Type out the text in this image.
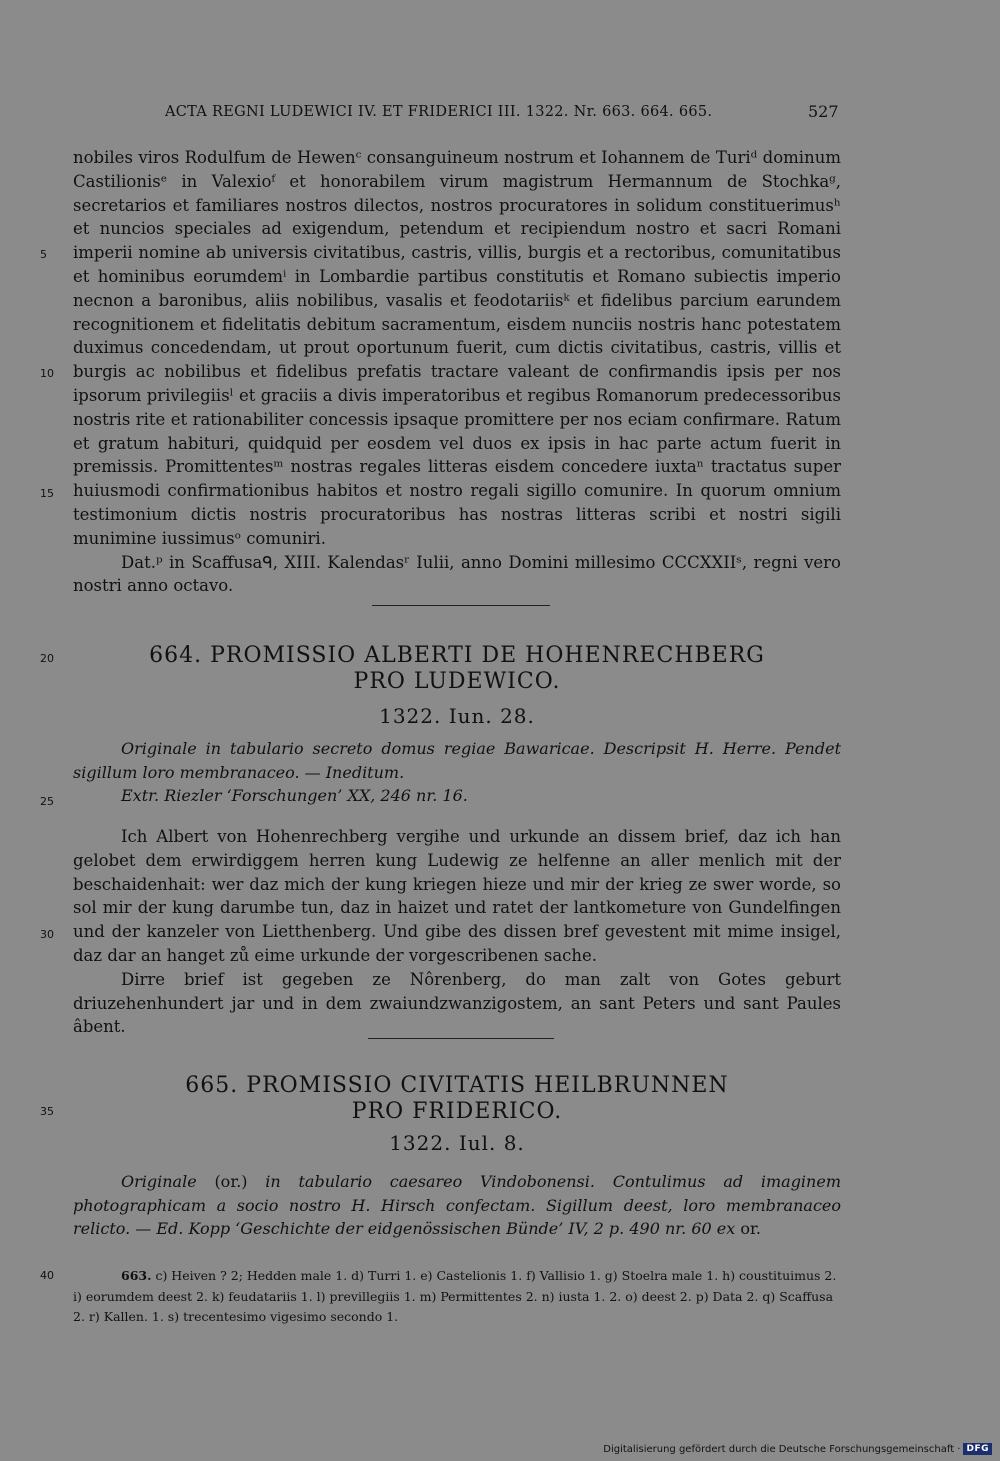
ACTA REGNI LUDEWICI IV. ET FRIDERICI III. 1322. Nr. 663. 664. 665.	527
5
10
15
20
25
30
35
40

nobiles viros Rodulfum de Hewenᶜ consanguineum nostrum et Iohannem de Turiᵈ dominum Castilionisᵉ in Valexioᶠ et honorabilem virum magistrum Hermannum de Stochkaᵍ, secretarios et familiares nostros dilectos, nostros procuratores in solidum constituerimusʰ et nuncios speciales ad exigendum, petendum et recipiendum nostro et sacri Romani imperii nomine ab universis civitatibus, castris, villis, burgis et a rectoribus, comunitatibus et hominibus eorumdemⁱ in Lombardie partibus constitutis et Romano subiectis imperio necnon a baronibus, aliis nobilibus, vasalis et feodotariisᵏ et fidelibus parcium earundem recognitionem et fidelitatis debitum sacramentum, eisdem nunciis nostris hanc potestatem duximus concedendam, ut prout oportunum fuerit, cum dictis civitatibus, castris, villis et burgis ac nobilibus et fidelibus prefatis tractare valeant de confirmandis ipsis per nos ipsorum privilegiisˡ et graciis a divis imperatoribus et regibus Romanorum predecessoribus nostris rite et rationabiliter concessis ipsaque promittere per nos eciam confirmare. Ratum et gratum habituri, quidquid per eosdem vel duos ex ipsis in hac parte actum fuerit in premissis. Promittentesᵐ nostras regales litteras eisdem concedere iuxtaⁿ tractatus super huiusmodi confirmationibus habitos et nostro regali sigillo comunire. In quorum omnium testimonium dictis nostris procuratoribus has nostras litteras scribi et nostri sigili munimine iussimusᵒ comuniri.

Dat.ᵖ in Scaffusaᑫ, XIII. Kalendasʳ Iulii, anno Domini millesimo CCCXXIIˢ, regni vero nostri anno octavo.

664. PROMISSIO ALBERTI DE HOHENRECHBERG
PRO LUDEWICO.
1322. Iun. 28.
Originale in tabulario secreto domus regiae Bawaricae. Descripsit H. Herre. Pendet sigillum loro membranaceo. — Ineditum.
Extr. Riezler ‘Forschungen’ XX, 246 nr. 16.

Ich Albert von Hohenrechberg vergihe und urkunde an dissem brief, daz ich han gelobet dem erwirdiggem herren kung Ludewig ze helfenne an aller menlich mit der beschaidenhait: wer daz mich der kung kriegen hieze und mir der krieg ze swer worde, so sol mir der kung darumbe tun, daz in haizet und ratet der lantkometure von Gundelfingen und der kanzeler von Lietthenberg. Und gibe des dissen bref gevestent mit mime insigel, daz dar an hanget zů eime urkunde der vorgescribenen sache.

Dirre brief ist gegeben ze Nôrenberg, do man zalt von Gotes geburt driuzehenhundert jar und in dem zwaiundzwanzigostem, an sant Peters und sant Paules âbent.

665. PROMISSIO CIVITATIS HEILBRUNNEN
PRO FRIDERICO.
1322. Iul. 8.
Originale (or.) in tabulario caesareo Vindobonensi. Contulimus ad imaginem photographicam a socio nostro H. Hirsch confectam. Sigillum deest, loro membranaceo relicto. — Ed. Kopp ‘Geschichte der eidgenössischen Bünde’ IV, 2 p. 490 nr. 60 ex or.
663. c) Heiven ? 2; Hedden male 1. d) Turri 1. e) Castelionis 1. f) Vallisio 1. g) Stoelra male 1. h) coustituimus 2. i) eorumdem deest 2. k) feudatariis 1. l) previllegiis 1. m) Permittentes 2. n) iusta 1. 2. o) deest 2. p) Data 2. q) Scaffusa 2. r) Kallen. 1. s) trecentesimo vigesimo secondo 1.
Digitalisierung gefördert durch die Deutsche Forschungsgemeinschaft · DFG
